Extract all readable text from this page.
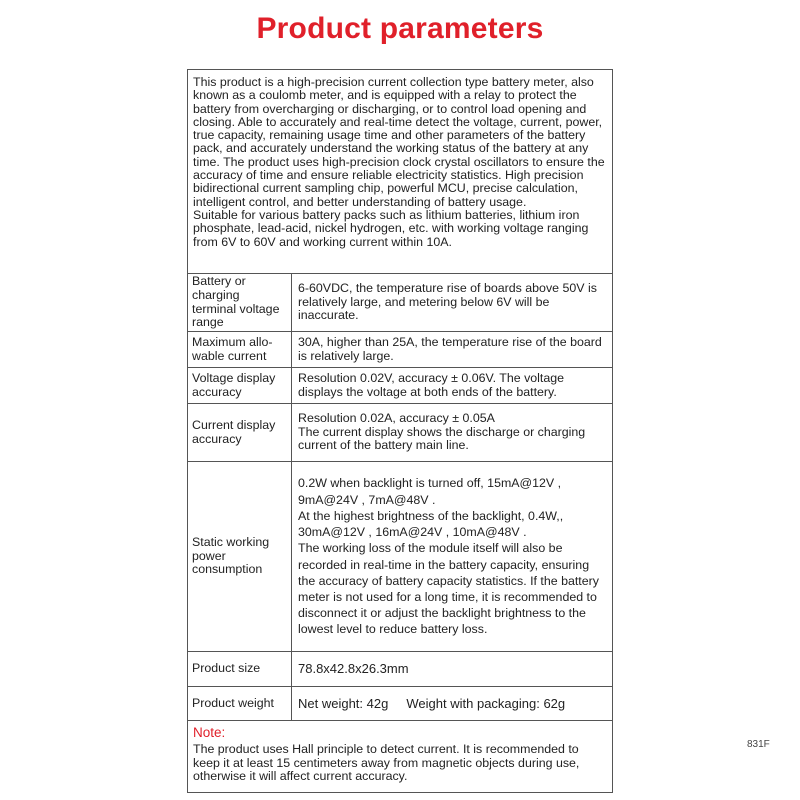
Product parameters

This product is a high-precision current collection type battery meter, also known as a coulomb meter, and is equipped with a relay to protect the battery from overcharging or discharging, or to control load opening and closing. Able to accurately and real-time detect the voltage, current, power, true capacity, remaining usage time and other parameters of the battery pack, and accurately understand the working status of the battery at any time. The product uses high-precision clock crystal oscillators to ensure the accuracy of time and ensure reliable electricity statistics. High precision bidirectional current sampling chip, powerful MCU, precise calculation, intelligent control, and better understanding of battery usage.

Suitable for various battery packs such as lithium batteries, lithium iron phosphate, lead-acid, nickel hydrogen, etc. with working voltage ranging from 6V to 60V and working current within 10A.

Battery or charging terminal voltage range
6-60VDC, the temperature rise of boards above 50V is relatively large, and metering below 6V will be inaccurate.
Maximum allo-wable current
30A, higher than 25A, the temperature rise of the board is relatively large.
Voltage display accuracy
Resolution 0.02V, accuracy ± 0.06V. The voltage displays the voltage at both ends of the battery.
Current display accuracy
Resolution 0.02A, accuracy ± 0.05A
The current display shows the discharge or charging current of the battery main line.
Static working power consumption
0.2W when backlight is turned off, 15mA@12V , 9mA@24V , 7mA@48V .
At the highest brightness of the backlight, 0.4W,, 30mA@12V , 16mA@24V , 10mA@48V .
The working loss of the module itself will also be recorded in real-time in the battery capacity, ensuring the accuracy of battery capacity statistics. If the battery meter is not used for a long time, it is recommended to disconnect it or adjust the backlight brightness to the lowest level to reduce battery loss.
Product size	78.8x42.8x26.3mm
Product weight	Net weight: 42g     Weight with packaging: 62g
Note:
The product uses Hall principle to detect current. It is recommended to keep it at least 15 centimeters away from magnetic objects during use, otherwise it will affect current accuracy.
831F
